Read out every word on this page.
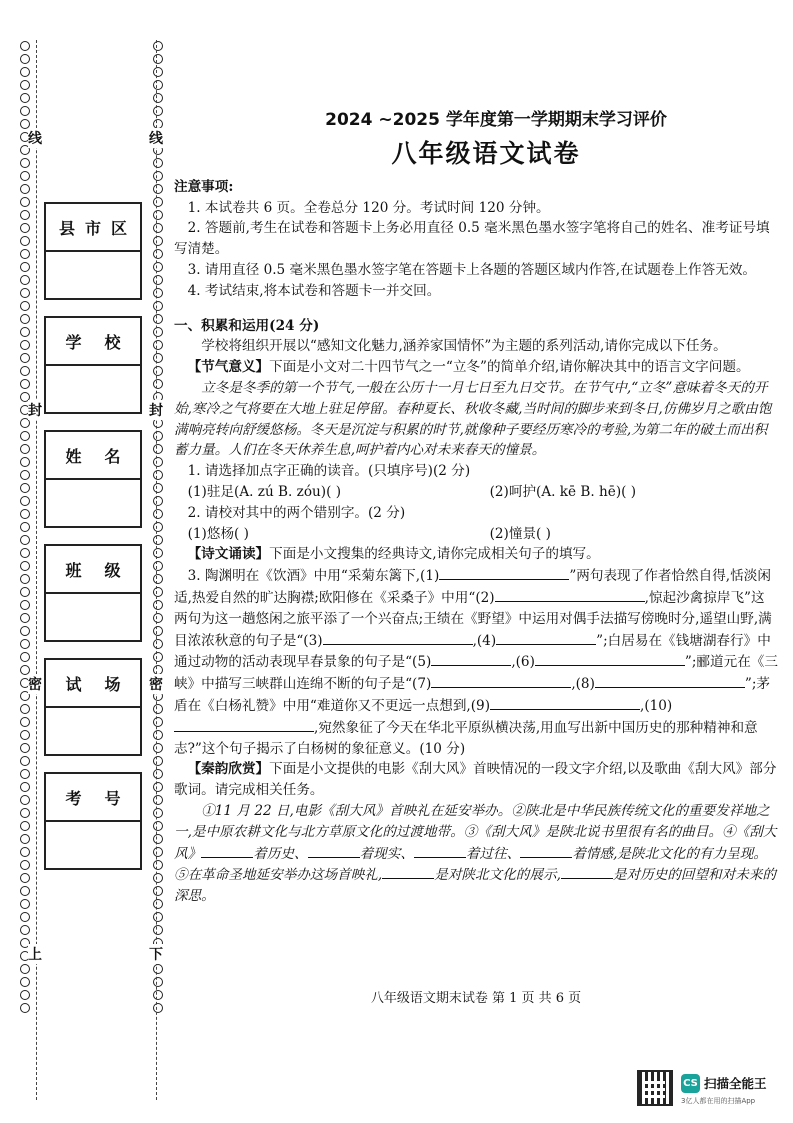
线
封
密
上
线
封
密
下
县 市 区
学 校
姓 名
班 级
试 场
考 号
2024 ~2025 学年度第一学期期末学习评价
八年级语文试卷

注意事项:

1. 本试卷共 6 页。全卷总分 120 分。考试时间 120 分钟。

2. 答题前,考生在试卷和答题卡上务必用直径 0.5 毫米黑色墨水签字笔将自己的姓名、准考证号填写清楚。

3. 请用直径 0.5 毫米黑色墨水签字笔在答题卡上各题的答题区域内作答,在试题卷上作答无效。

4. 考试结束,将本试卷和答题卡一并交回。

一、积累和运用(24 分)

学校将组织开展以“感知文化魅力,涵养家国情怀”为主题的系列活动,请你完成以下任务。

【节气意义】下面是小文对二十四节气之一“立冬”的简单介绍,请你解决其中的语言文字问题。

立冬是冬季的第一个节气,一般在公历十一月七日至九日交节。在节气中,“立冬”意味着冬天的开始,寒冷之气将要在大地上驻足停留。春种夏长、秋收冬藏,当时间的脚步来到冬日,仿佛岁月之歌由饱满响亮转向舒缓悠杨。冬天是沉淀与积累的时节,就像种子要经历寒冷的考验,为第二年的破土而出积蓄力量。人们在冬天休养生息,呵护着内心对未来春天的憧景。

1. 请选择加点字正确的读音。(只填序号)(2 分)

(1)驻足(A. zú B. zóu)( )	(2)呵护(A. kē B. hē)( )

2. 请校对其中的两个错别字。(2 分)

(1)悠杨( )	(2)憧景( )

【诗文诵读】下面是小文搜集的经典诗文,请你完成相关句子的填写。

3. 陶渊明在《饮酒》中用“采菊东篱下,(1)	”两句表现了作者恰然自得,恬淡闲适,热爱自然的旷达胸襟;欧阳修在《采桑子》中用“(2)	,惊起沙禽掠岸飞”这两句为这一趟悠闲之旅平添了一个兴奋点;王绩在《野望》中运用对偶手法描写傍晚时分,遥望山野,满目浓浓秋意的句子是“(3)	,(4)	”;白居易在《钱塘湖春行》中通过动物的活动表现早春景象的句子是“(5)	,(6)	”;郦道元在《三峡》中描写三峡群山连绵不断的句子是“(7)	,(8)	”;茅盾在《白杨礼赞》中用“难道你又不更远一点想到,(9)	,(10),宛然象征了今天在华北平原纵横决荡,用血写出新中国历史的那种精神和意志?”这个句子揭示了白杨树的象征意义。(10 分)

【秦韵欣赏】下面是小文提供的电影《刮大风》首映情况的一段文字介绍,以及歌曲《刮大风》部分歌词。请完成相关任务。

①11 月 22 日,电影《刮大风》首映礼在延安举办。②陕北是中华民族传统文化的重要发祥地之一,是中原农耕文化与北方草原文化的过渡地带。③《刮大风》是陕北说书里很有名的曲目。④《刮大风》	着历史、	着现实、	着过往、	着情感,是陕北文化的有力呈现。⑤在革命圣地延安举办这场首映礼,	是对陕北文化的展示,	是对历史的回望和对未来的深思。

八年级语文期末试卷 第 1 页 共 6 页
CS 扫描全能王
3亿人都在用的扫描App
